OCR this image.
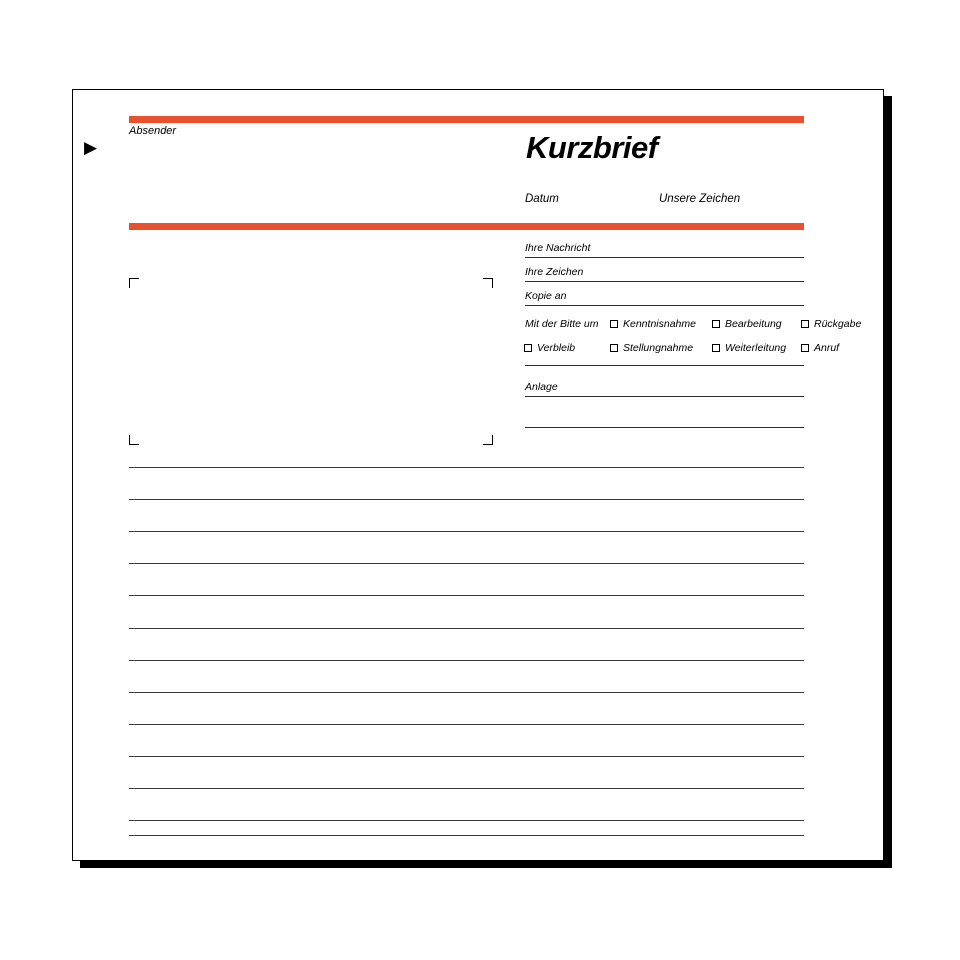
▶
Absender	Kurzbrief
Datum	Unsere Zeichen
Ihre Nachricht
Ihre Zeichen
Kopie an
Mit der Bitte um Kenntnisnahme	Bearbeitung	Rückgabe
Verbleib	Stellungnahme	Weiterleitung	Anruf
Anlage
